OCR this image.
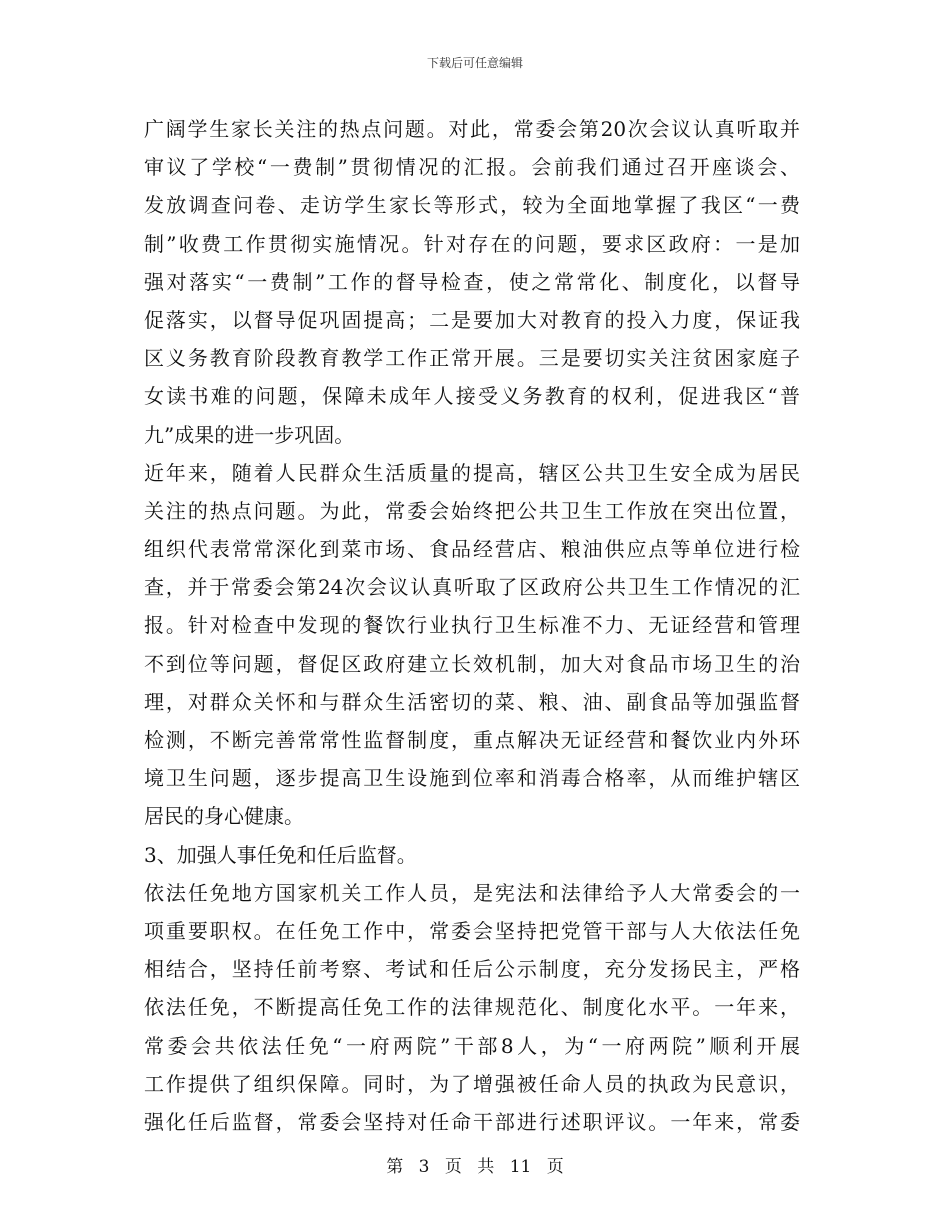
下载后可任意编辑
广阔学生家长关注的热点问题。对此，常委会第20次会议认真听取并
审议了学校“一费制”贯彻情况的汇报。会前我们通过召开座谈会、
发放调查问卷、走访学生家长等形式，较为全面地掌握了我区“一费
制”收费工作贯彻实施情况。针对存在的问题，要求区政府：一是加
强对落实“一费制”工作的督导检查，使之常常化、制度化，以督导
促落实，以督导促巩固提高；二是要加大对教育的投入力度，保证我
区义务教育阶段教育教学工作正常开展。三是要切实关注贫困家庭子
女读书难的问题，保障未成年人接受义务教育的权利，促进我区“普
九”成果的进一步巩固。
近年来，随着人民群众生活质量的提高，辖区公共卫生安全成为居民
关注的热点问题。为此，常委会始终把公共卫生工作放在突出位置，
组织代表常常深化到菜市场、食品经营店、粮油供应点等单位进行检
查，并于常委会第24次会议认真听取了区政府公共卫生工作情况的汇
报。针对检查中发现的餐饮行业执行卫生标准不力、无证经营和管理
不到位等问题，督促区政府建立长效机制，加大对食品市场卫生的治
理，对群众关怀和与群众生活密切的菜、粮、油、副食品等加强监督
检测，不断完善常常性监督制度，重点解决无证经营和餐饮业内外环
境卫生问题，逐步提高卫生设施到位率和消毒合格率，从而维护辖区
居民的身心健康。
3、加强人事任免和任后监督。
依法任免地方国家机关工作人员，是宪法和法律给予人大常委会的一
项重要职权。在任免工作中，常委会坚持把党管干部与人大依法任免
相结合，坚持任前考察、考试和任后公示制度，充分发扬民主，严格
依法任免，不断提高任免工作的法律规范化、制度化水平。一年来，
常委会共依法任免“一府两院”干部8人，为“一府两院”顺利开展
工作提供了组织保障。同时，为了增强被任命人员的执政为民意识，
强化任后监督，常委会坚持对任命干部进行述职评议。一年来，常委
第 3 页 共 11 页
